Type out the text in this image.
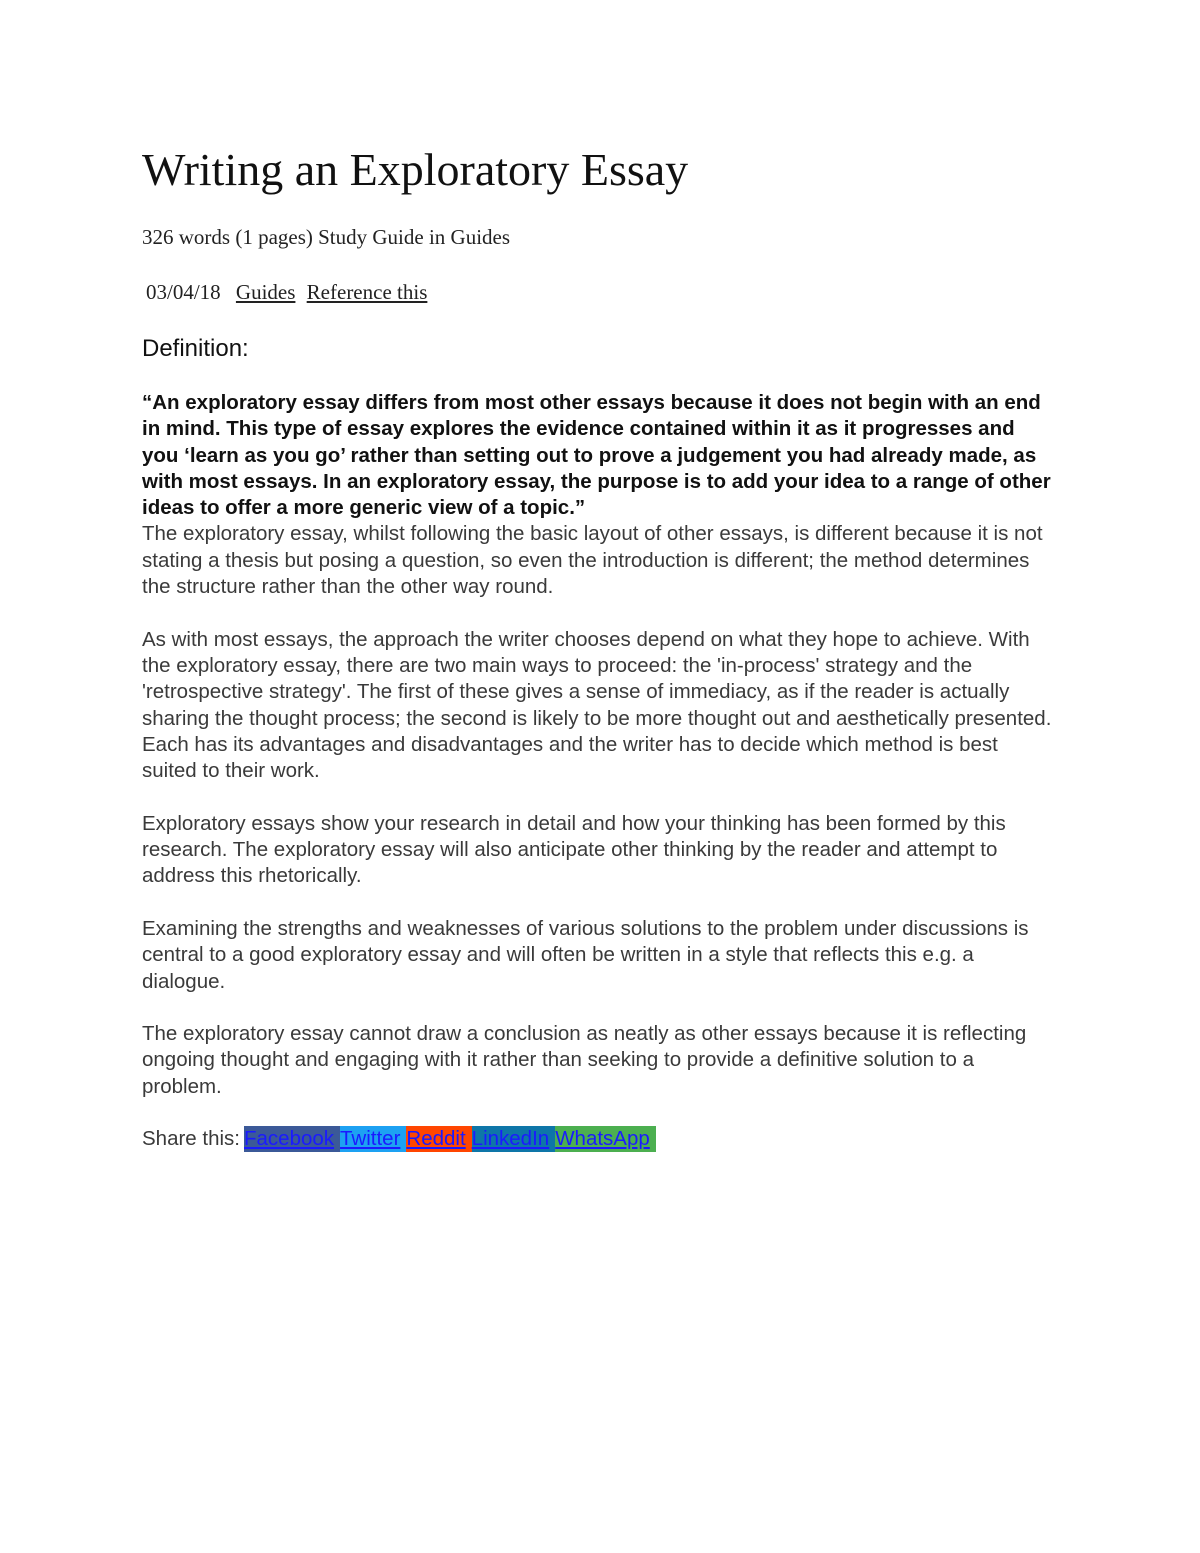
Writing an Exploratory Essay
326 words (1 pages) Study Guide in Guides
03/04/18 Guides Reference this
Definition:

“An exploratory essay differs from most other essays because it does not begin with an end in mind. This type of essay explores the evidence contained within it as it progresses and you ‘learn as you go’ rather than setting out to prove a judgement you had already made, as with most essays. In an exploratory essay, the purpose is to add your idea to a range of other ideas to offer a more generic view of a topic.”
The exploratory essay, whilst following the basic layout of other essays, is different because it is not stating a thesis but posing a question, so even the introduction is different; the method determines the structure rather than the other way round.

As with most essays, the approach the writer chooses depend on what they hope to achieve. With the exploratory essay, there are two main ways to proceed: the 'in-process' strategy and the 'retrospective strategy'. The first of these gives a sense of immediacy, as if the reader is actually sharing the thought process; the second is likely to be more thought out and aesthetically presented. Each has its advantages and disadvantages and the writer has to decide which method is best suited to their work.

Exploratory essays show your research in detail and how your thinking has been formed by this research. The exploratory essay will also anticipate other thinking by the reader and attempt to address this rhetorically.

Examining the strengths and weaknesses of various solutions to the problem under discussions is central to a good exploratory essay and will often be written in a style that reflects this e.g. a dialogue.

The exploratory essay cannot draw a conclusion as neatly as other essays because it is reflecting ongoing thought and engaging with it rather than seeking to provide a definitive solution to a problem.

Share this: Facebook Twitter Reddit LinkedIn WhatsApp
